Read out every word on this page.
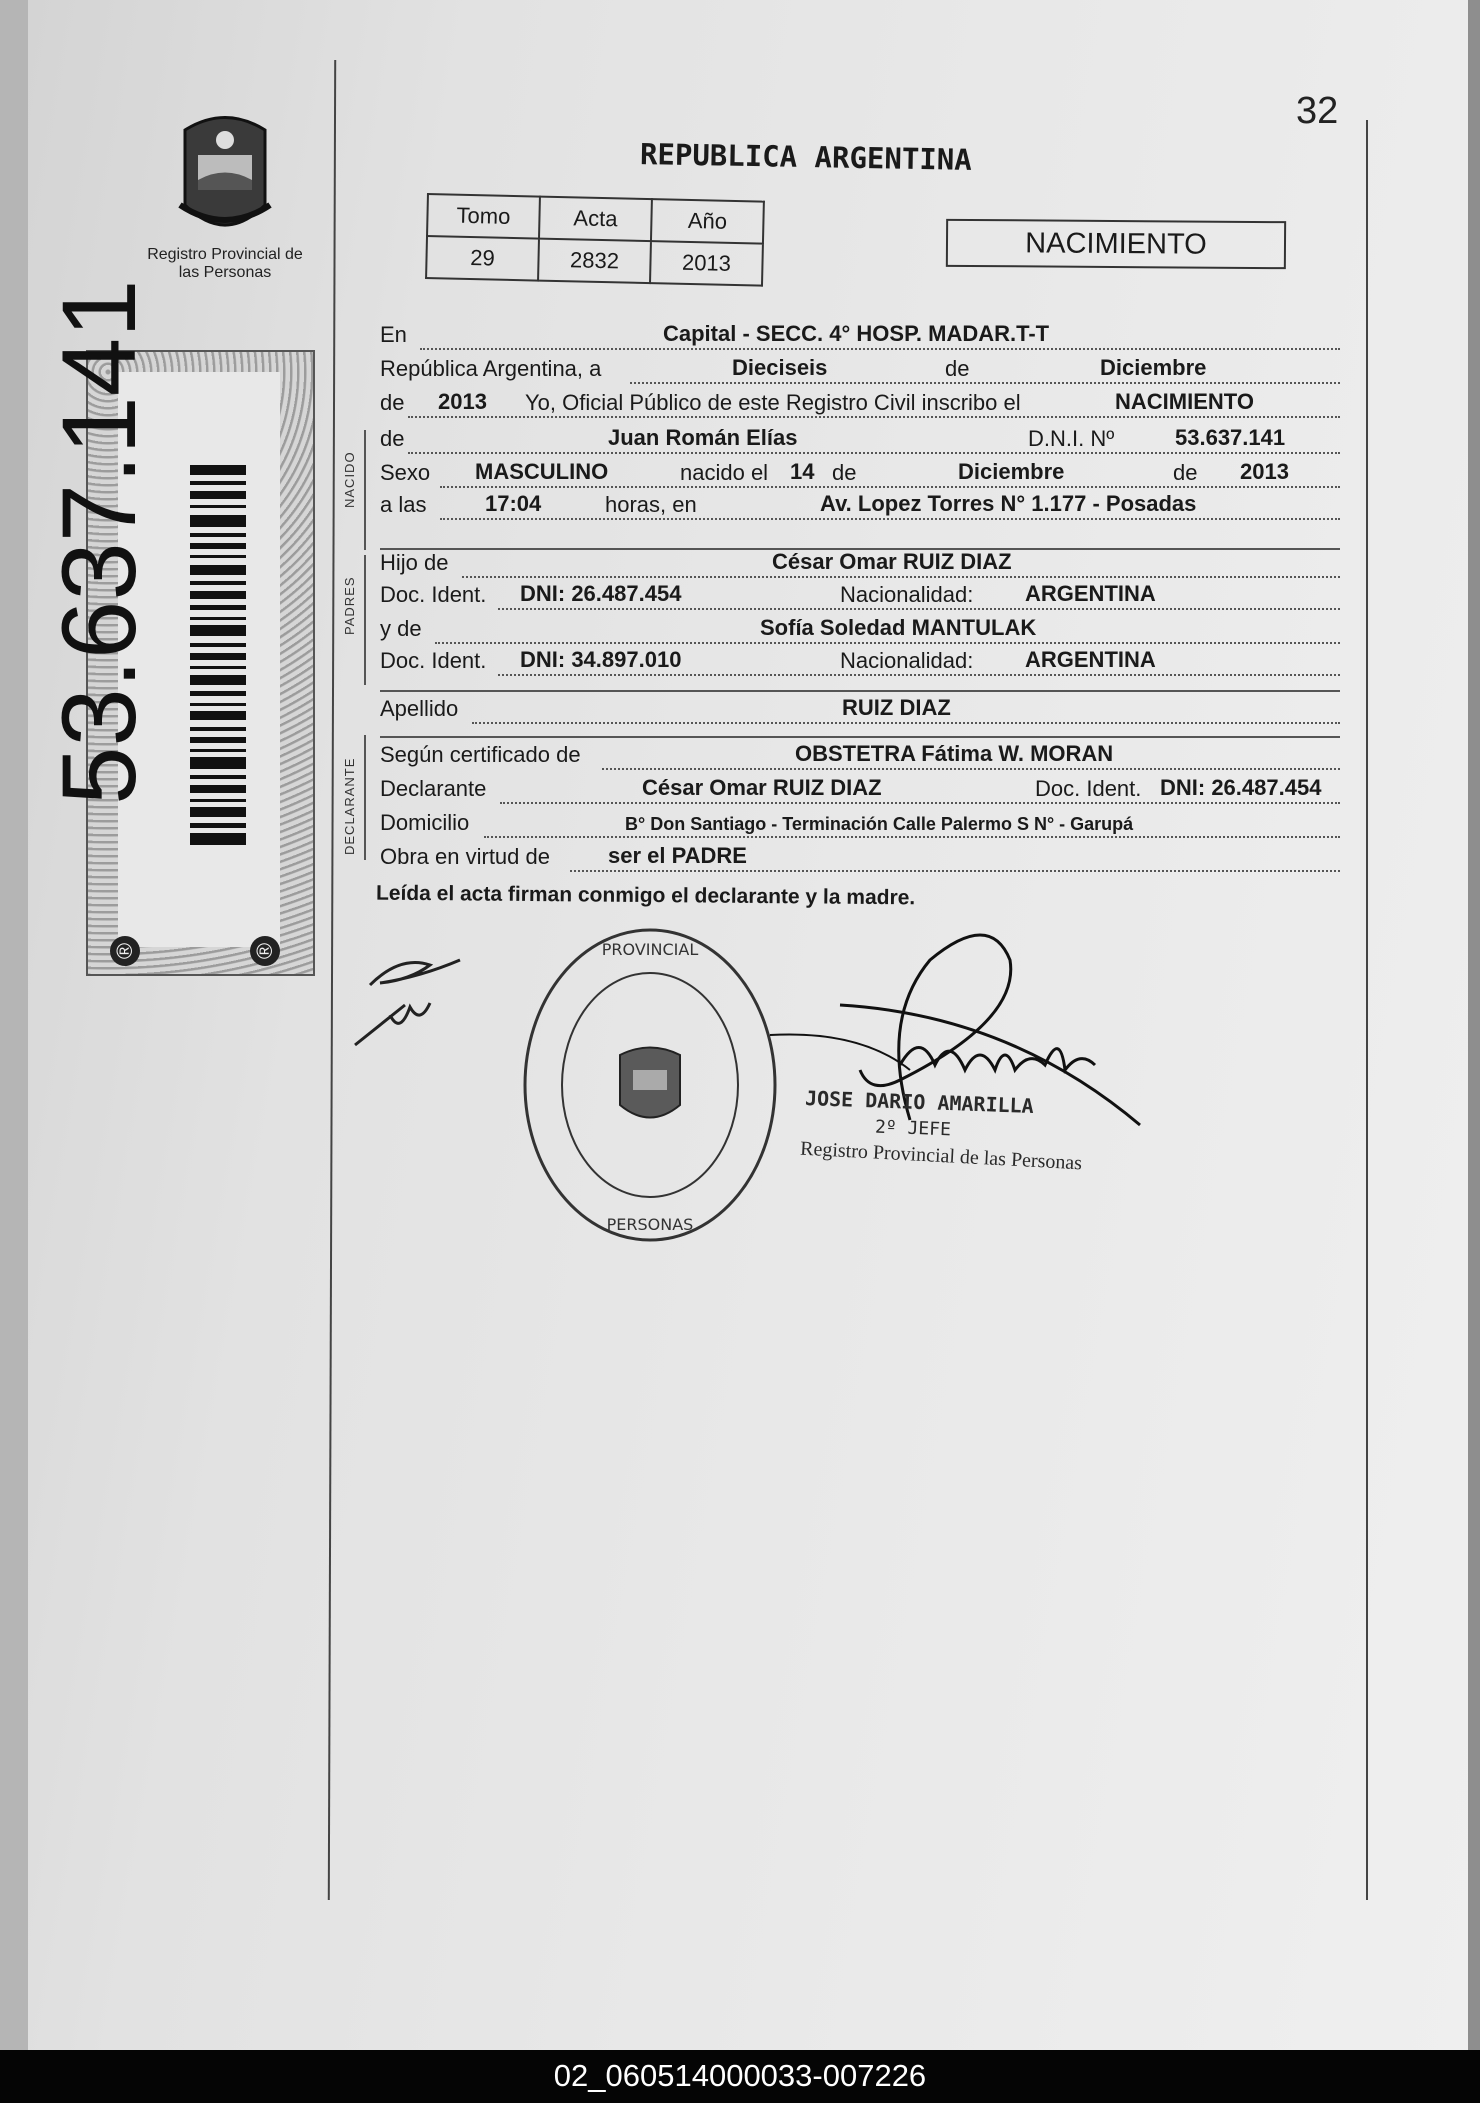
Registro Provincial de las Personas
32
REPUBLICA ARGENTINA
Tomo	Acta	Año
29	2832	2013
NACIMIENTO
53.637.141
®	®
En	Capital - SECC. 4° HOSP. MADAR.T-T
República Argentina, a	Dieciseis	de	Diciembre
de 2013 Yo, Oficial Público de este Registro Civil inscribo el	NACIMIENTO
de	Juan Román Elías	D.N.I. Nº	53.637.141
Sexo MASCULINO	nacido el 14 de	Diciembre	de 2013
a las	17:04	horas, en	Av. Lopez Torres N° 1.177 - Posadas
Hijo de	César Omar RUIZ DIAZ
Doc. Ident. DNI: 26.487.454	Nacionalidad: ARGENTINA
y de	Sofía Soledad MANTULAK
Doc. Ident. DNI: 34.897.010	Nacionalidad: ARGENTINA
Apellido	RUIZ DIAZ
Según certificado de	OBSTETRA Fátima W. MORAN
Declarante	César Omar RUIZ DIAZ	Doc. Ident. DNI: 26.487.454
Domicilio	B° Don Santiago - Terminación Calle Palermo S N° - Garupá
Obra en virtud de	ser el PADRE
Leída el acta firman conmigo el declarante y la madre.
PROVINCIAL
PERSONAS
JOSE DARIO AMARILLA
2º JEFE
Registro Provincial de las Personas
02_060514000033-007226
